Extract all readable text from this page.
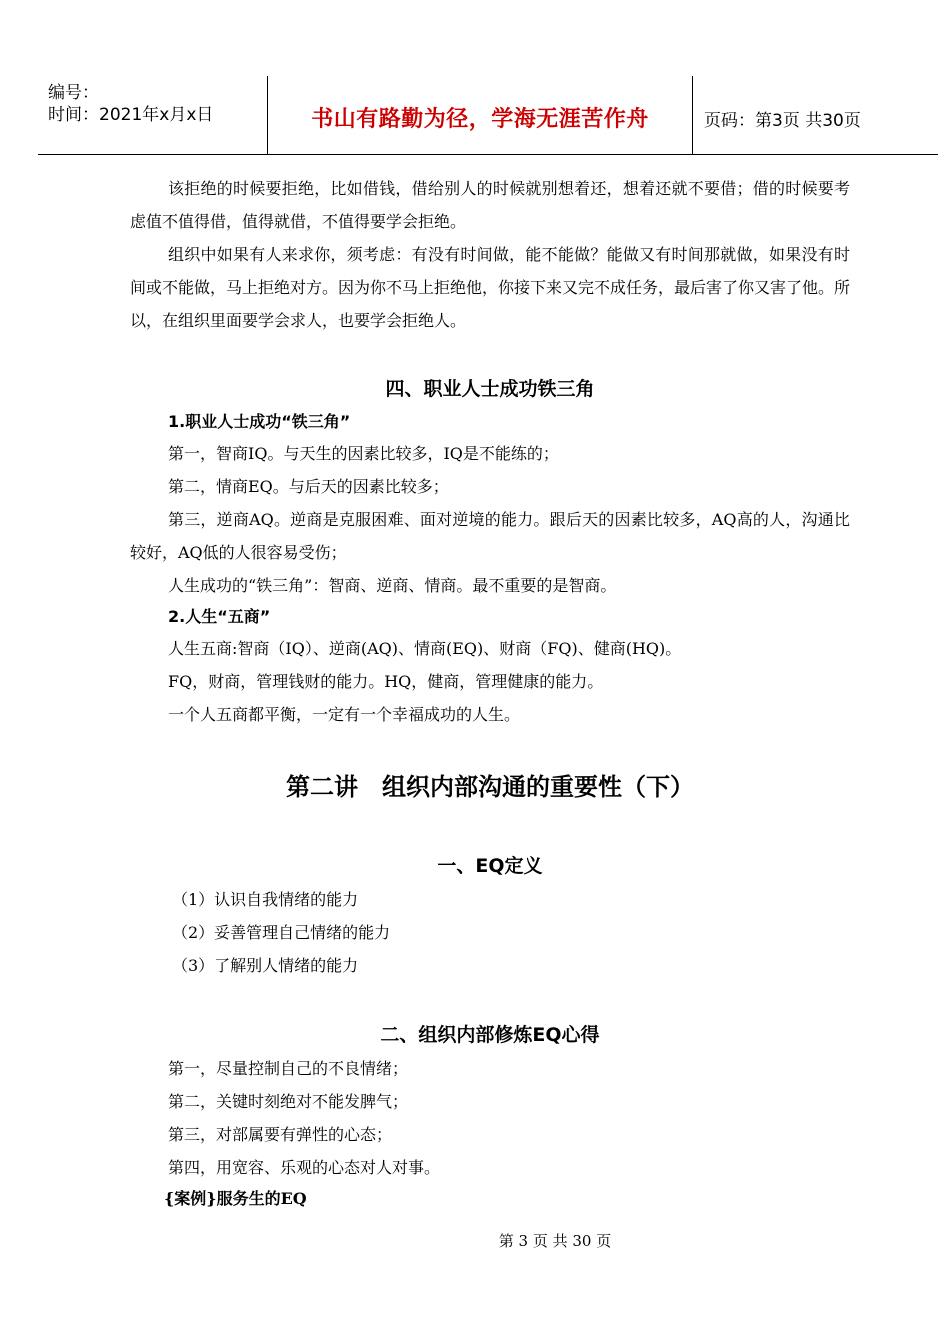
编号：
时间：2021年x月x日	书山有路勤为径，学海无涯苦作舟	页码：第3页 共30页

该拒绝的时候要拒绝，比如借钱，借给别人的时候就别想着还，想着还就不要借；借的时候要考虑值不值得借，值得就借，不值得要学会拒绝。

组织中如果有人来求你，须考虑：有没有时间做，能不能做？能做又有时间那就做，如果没有时间或不能做，马上拒绝对方。因为你不马上拒绝他，你接下来又完不成任务，最后害了你又害了他。所以，在组织里面要学会求人，也要学会拒绝人。

四、职业人士成功铁三角

1.职业人士成功“铁三角”

第一，智商IQ。与天生的因素比较多，IQ是不能练的；

第二，情商EQ。与后天的因素比较多；

第三，逆商AQ。逆商是克服困难、面对逆境的能力。跟后天的因素比较多，AQ高的人，沟通比较好，AQ低的人很容易受伤；

人生成功的“铁三角”：智商、逆商、情商。最不重要的是智商。

2.人生“五商”

人生五商:智商（IQ）、逆商(AQ)、情商(EQ)、财商（FQ)、健商(HQ)。

FQ，财商，管理钱财的能力。HQ，健商，管理健康的能力。

一个人五商都平衡，一定有一个幸福成功的人生。

第二讲　组织内部沟通的重要性（下）
一、EQ定义

（1）认识自我情绪的能力

（2）妥善管理自己情绪的能力

（3）了解别人情绪的能力

二、组织内部修炼EQ心得

第一，尽量控制自己的不良情绪；

第二，关键时刻绝对不能发脾气；

第三，对部属要有弹性的心态；

第四，用宽容、乐观的心态对人对事。

{案例}服务生的EQ

第 3 页 共 30 页
